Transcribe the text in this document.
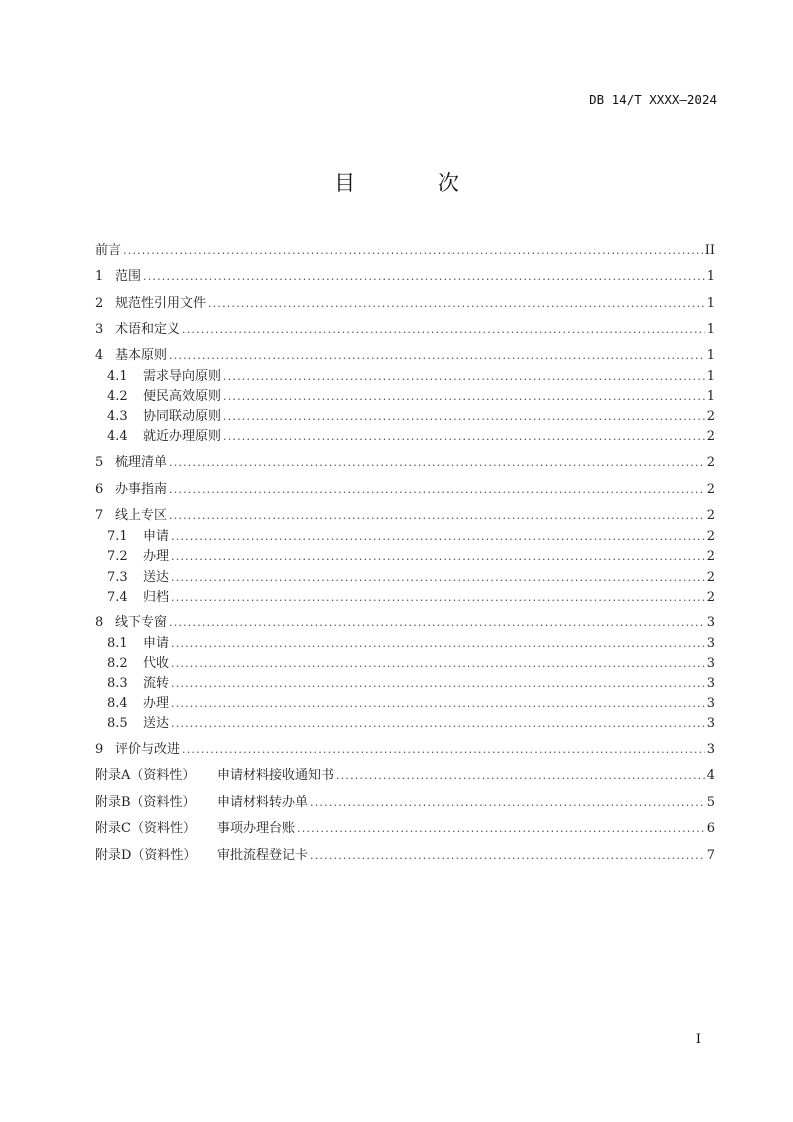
DB 14/T XXXX—2024
目 次
前言 .....	II
1 范围 .....	1
2 规范性引用文件 .....	1
3 术语和定义 .....	1
4 基本原则 .....	1
4.1	需求导向原则 .....	1
4.2	便民高效原则 .....	1
4.3	协同联动原则 .....	2
4.4	就近办理原则 .....	2
5 梳理清单 .....	2
6 办事指南 .....	2
7 线上专区 .....	2
7.1	申请 .....	2
7.2	办理 .....	2
7.3	送达 .....	2
7.4	归档 .....	2
8 线下专窗 .....	3
8.1	申请 .....	3
8.2	代收 .....	3
8.3	流转 .....	3
8.4	办理 .....	3
8.5	送达 .....	3
9 评价与改进 .....	3
附录A（资料性）	申请材料接收通知书 .....	4
附录B（资料性）	申请材料转办单 .....	5
附录C（资料性）	事项办理台账 .....	6
附录D（资料性）	审批流程登记卡 .....	7
I
